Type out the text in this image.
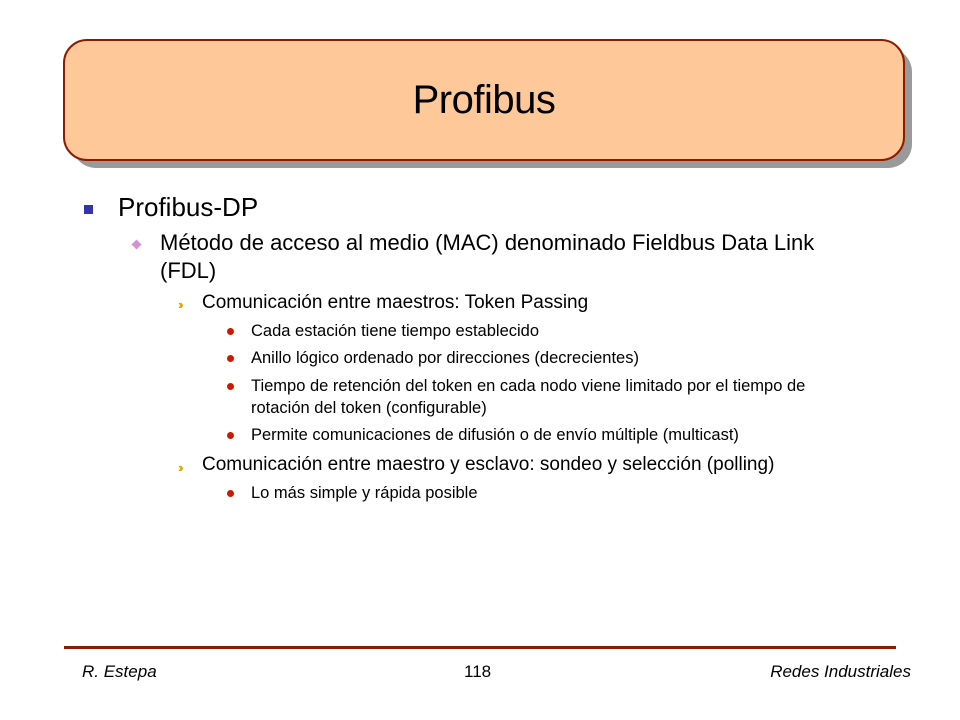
Profibus
Profibus-DP
Método de acceso al medio (MAC) denominado Fieldbus Data Link
(FDL)
›› Comunicación entre maestros: Token Passing
Cada estación tiene tiempo establecido
Anillo lógico ordenado por direcciones (decrecientes)
Tiempo de retención del token en cada nodo viene limitado por el tiempo de
rotación del token (configurable)
Permite comunicaciones de difusión o de envío múltiple (multicast)
›› Comunicación entre maestro y esclavo: sondeo y selección (polling)
Lo más simple y rápida posible
R. Estepa	118	Redes Industriales
